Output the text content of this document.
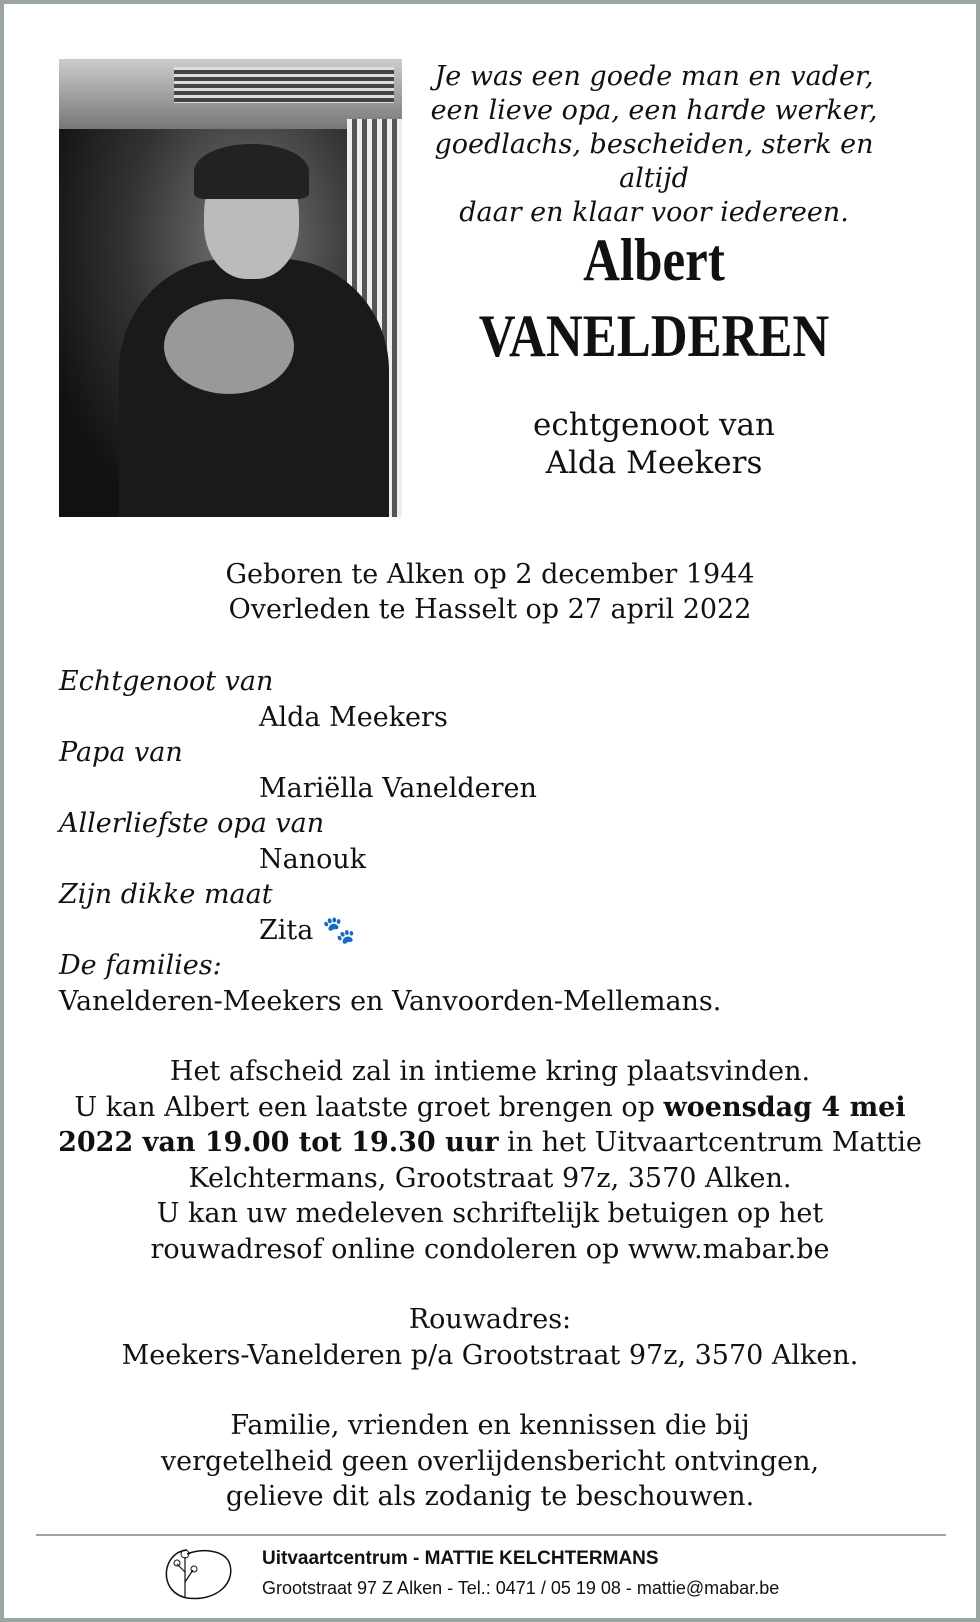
Je was een goede man en vader,
een lieve opa, een harde werker,
goedlachs, bescheiden, sterk en altijd
daar en klaar voor iedereen.
Albert
VANELDEREN
echtgenoot van
Alda Meekers
Geboren te Alken op 2 december 1944
Overleden te Hasselt op 27 april 2022
Echtgenoot van
Alda Meekers
Papa van
Mariëlla Vanelderen
Allerliefste opa van
Nanouk
Zijn dikke maat
Zita 🐾
De families:
Vanelderen-Meekers en Vanvoorden-Mellemans.
Het afscheid zal in intieme kring plaatsvinden.
U kan Albert een laatste groet brengen op woensdag 4 mei 2022 van 19.00 tot 19.30 uur in het Uitvaartcentrum Mattie Kelchtermans, Grootstraat 97z, 3570 Alken.
U kan uw medeleven schriftelijk betuigen op het rouwadresof online condoleren op www.mabar.be
Rouwadres:
Meekers-Vanelderen p/a Grootstraat 97z, 3570 Alken.
Familie, vrienden en kennissen die bij vergetelheid geen overlijdensbericht ontvingen, gelieve dit als zodanig te beschouwen.
Uitvaartcentrum - MATTIE KELCHTERMANS
Grootstraat 97 Z Alken - Tel.: 0471 / 05 19 08 - mattie@mabar.be
